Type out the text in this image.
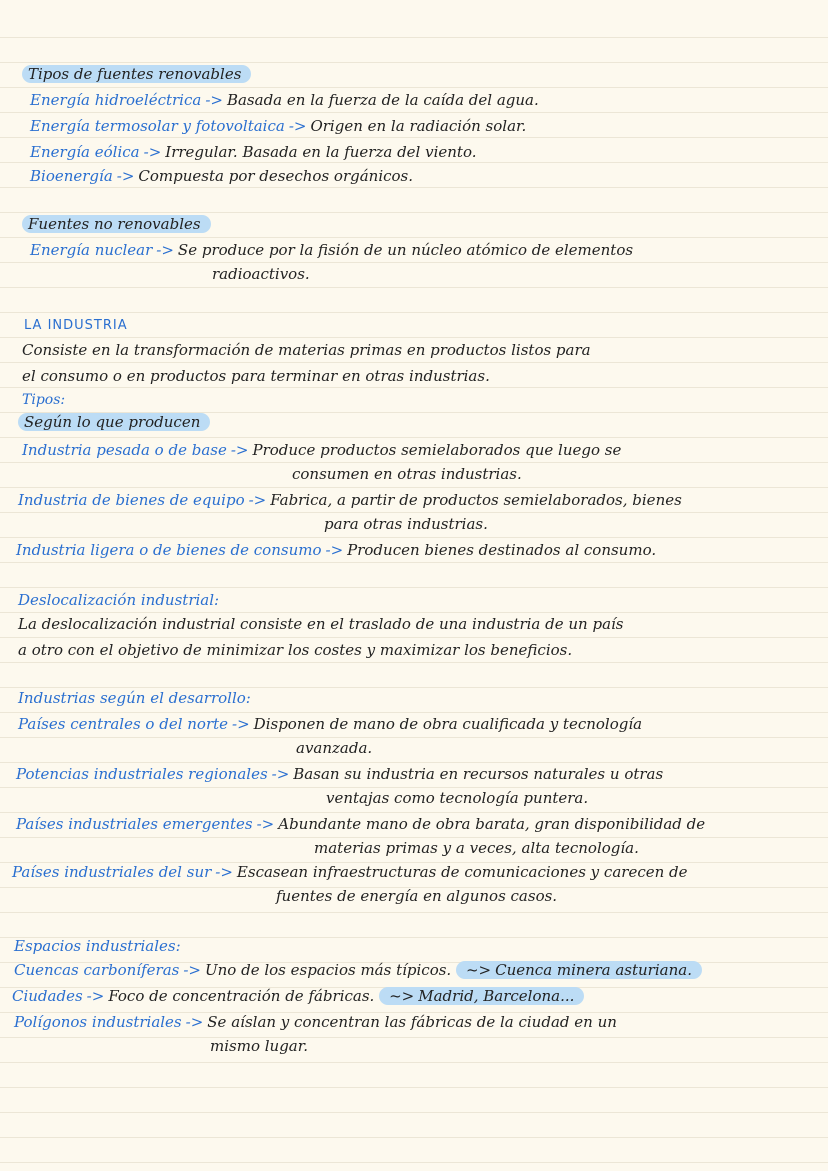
Tipos de fuentes renovables
Energía hidroeléctrica -> Basada en la fuerza de la caída del agua.
Energía termosolar y fotovoltaica -> Origen en la radiación solar.
Energía eólica -> Irregular. Basada en la fuerza del viento.
Bioenergía -> Compuesta por desechos orgánicos.
Fuentes no renovables
Energía nuclear -> Se produce por la fisión de un núcleo atómico de elementos
radioactivos.
LA INDUSTRIA
Consiste en la transformación de materias primas en productos listos para
el consumo o en productos para terminar en otras industrias.
Tipos:
Según lo que producen
Industria pesada o de base -> Produce productos semielaborados que luego se
consumen en otras industrias.
Industria de bienes de equipo -> Fabrica, a partir de productos semielaborados, bienes
para otras industrias.
Industria ligera o de bienes de consumo -> Producen bienes destinados al consumo.
Deslocalización industrial:
La deslocalización industrial consiste en el traslado de una industria de un país
a otro con el objetivo de minimizar los costes y maximizar los beneficios.
Industrias según el desarrollo:
Países centrales o del norte -> Disponen de mano de obra cualificada y tecnología
avanzada.
Potencias industriales regionales -> Basan su industria en recursos naturales u otras
ventajas como tecnología puntera.
Países industriales emergentes -> Abundante mano de obra barata, gran disponibilidad de
materias primas y a veces, alta tecnología.
Países industriales del sur -> Escasean infraestructuras de comunicaciones y carecen de
fuentes de energía en algunos casos.
Espacios industriales:
Cuencas carboníferas -> Uno de los espacios más típicos. ~> Cuenca minera asturiana.
Ciudades -> Foco de concentración de fábricas. ~> Madrid, Barcelona...
Polígonos industriales -> Se aíslan y concentran las fábricas de la ciudad en un
mismo lugar.
